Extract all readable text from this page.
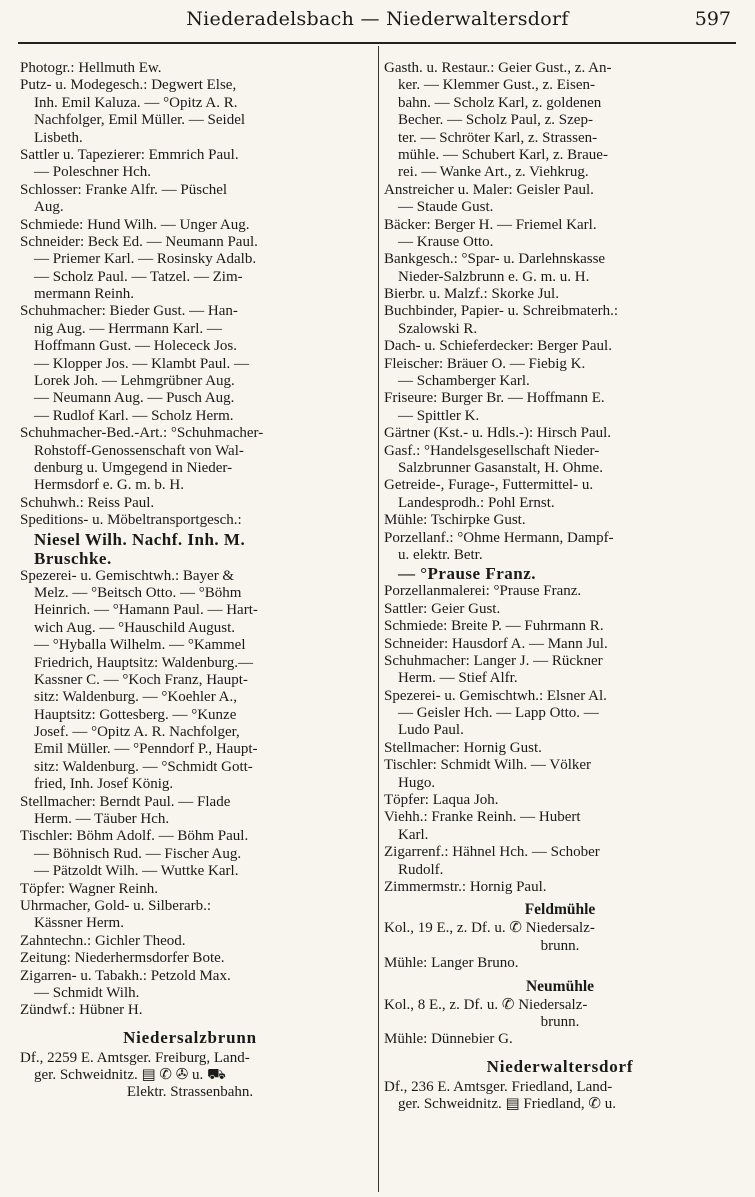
Niederadelsbach — Niederwaltersdorf	597
Photogr.: Hellmuth Ew.
Putz- u. Modegesch.: Degwert Else,
Inh. Emil Kaluza. — °Opitz A. R.
Nachfolger, Emil Müller. — Seidel
Lisbeth.
Sattler u. Tapezierer: Emmrich Paul.
— Poleschner Hch.
Schlosser: Franke Alfr. — Püschel
Aug.
Schmiede: Hund Wilh. — Unger Aug.
Schneider: Beck Ed. — Neumann Paul.
— Priemer Karl. — Rosinsky Adalb.
— Scholz Paul. — Tatzel. — Zim-
mermann Reinh.
Schuhmacher: Bieder Gust. — Han-
nig Aug. — Herrmann Karl. —
Hoffmann Gust. — Holececk Jos.
— Klopper Jos. — Klambt Paul. —
Lorek Joh. — Lehmgrübner Aug.
— Neumann Aug. — Pusch Aug.
— Rudlof Karl. — Scholz Herm.
Schuhmacher-Bed.-Art.: °Schuhmacher-
Rohstoff-Genossenschaft von Wal-
denburg u. Umgegend in Nieder-
Hermsdorf e. G. m. b. H.
Schuhwh.: Reiss Paul.
Speditions- u. Möbeltransportgesch.:
Niesel Wilh. Nachf. Inh. M.
Bruschke.
Spezerei- u. Gemischtwh.: Bayer &
Melz. — °Beitsch Otto. — °Böhm
Heinrich. — °Hamann Paul. — Hart-
wich Aug. — °Hauschild August.
— °Hyballa Wilhelm. — °Kammel
Friedrich, Hauptsitz: Waldenburg.—
Kassner C. — °Koch Franz, Haupt-
sitz: Waldenburg. — °Koehler A.,
Hauptsitz: Gottesberg. — °Kunze
Josef. — °Opitz A. R. Nachfolger,
Emil Müller. — °Penndorf P., Haupt-
sitz: Waldenburg. — °Schmidt Gott-
fried, Inh. Josef König.
Stellmacher: Berndt Paul. — Flade
Herm. — Täuber Hch.
Tischler: Böhm Adolf. — Böhm Paul.
— Böhnisch Rud. — Fischer Aug.
— Pätzoldt Wilh. — Wuttke Karl.
Töpfer: Wagner Reinh.
Uhrmacher, Gold- u. Silberarb.:
Kässner Herm.
Zahntechn.: Gichler Theod.
Zeitung: Niederhermsdorfer Bote.
Zigarren- u. Tabakh.: Petzold Max.
— Schmidt Wilh.
Zündwf.: Hübner H.
Niedersalzbrunn
Df., 2259 E. Amtsger. Freiburg, Land-
ger. Schweidnitz. ▤ ✆ ✇ u. ⛟
Elektr. Strassenbahn.
Gasth. u. Restaur.: Geier Gust., z. An-
ker. — Klemmer Gust., z. Eisen-
bahn. — Scholz Karl, z. goldenen
Becher. — Scholz Paul, z. Szep-
ter. — Schröter Karl, z. Strassen-
mühle. — Schubert Karl, z. Braue-
rei. — Wanke Art., z. Viehkrug.
Anstreicher u. Maler: Geisler Paul.
— Staude Gust.
Bäcker: Berger H. — Friemel Karl.
— Krause Otto.
Bankgesch.: °Spar- u. Darlehnskasse
Nieder-Salzbrunn e. G. m. u. H.
Bierbr. u. Malzf.: Skorke Jul.
Buchbinder, Papier- u. Schreibmaterh.:
Szalowski R.
Dach- u. Schieferdecker: Berger Paul.
Fleischer: Bräuer O. — Fiebig K.
— Schamberger Karl.
Friseure: Burger Br. — Hoffmann E.
— Spittler K.
Gärtner (Kst.- u. Hdls.-): Hirsch Paul.
Gasf.: °Handelsgesellschaft Nieder-
Salzbrunner Gasanstalt, H. Ohme.
Getreide-, Furage-, Futtermittel- u.
Landesprodh.: Pohl Ernst.
Mühle: Tschirpke Gust.
Porzellanf.: °Ohme Hermann, Dampf-
u. elektr. Betr.
— °Prause Franz.
Porzellanmalerei: °Prause Franz.
Sattler: Geier Gust.
Schmiede: Breite P. — Fuhrmann R.
Schneider: Hausdorf A. — Mann Jul.
Schuhmacher: Langer J. — Rückner
Herm. — Stief Alfr.
Spezerei- u. Gemischtwh.: Elsner Al.
— Geisler Hch. — Lapp Otto. —
Ludo Paul.
Stellmacher: Hornig Gust.
Tischler: Schmidt Wilh. — Völker
Hugo.
Töpfer: Laqua Joh.
Viehh.: Franke Reinh. — Hubert
Karl.
Zigarrenf.: Hähnel Hch. — Schober
Rudolf.
Zimmermstr.: Hornig Paul.
Feldmühle
Kol., 19 E., z. Df. u. ✆ Niedersalz-
brunn.
Mühle: Langer Bruno.
Neumühle
Kol., 8 E., z. Df. u. ✆ Niedersalz-
brunn.
Mühle: Dünnebier G.
Niederwaltersdorf
Df., 236 E. Amtsger. Friedland, Land-
ger. Schweidnitz. ▤ Friedland, ✆ u.
